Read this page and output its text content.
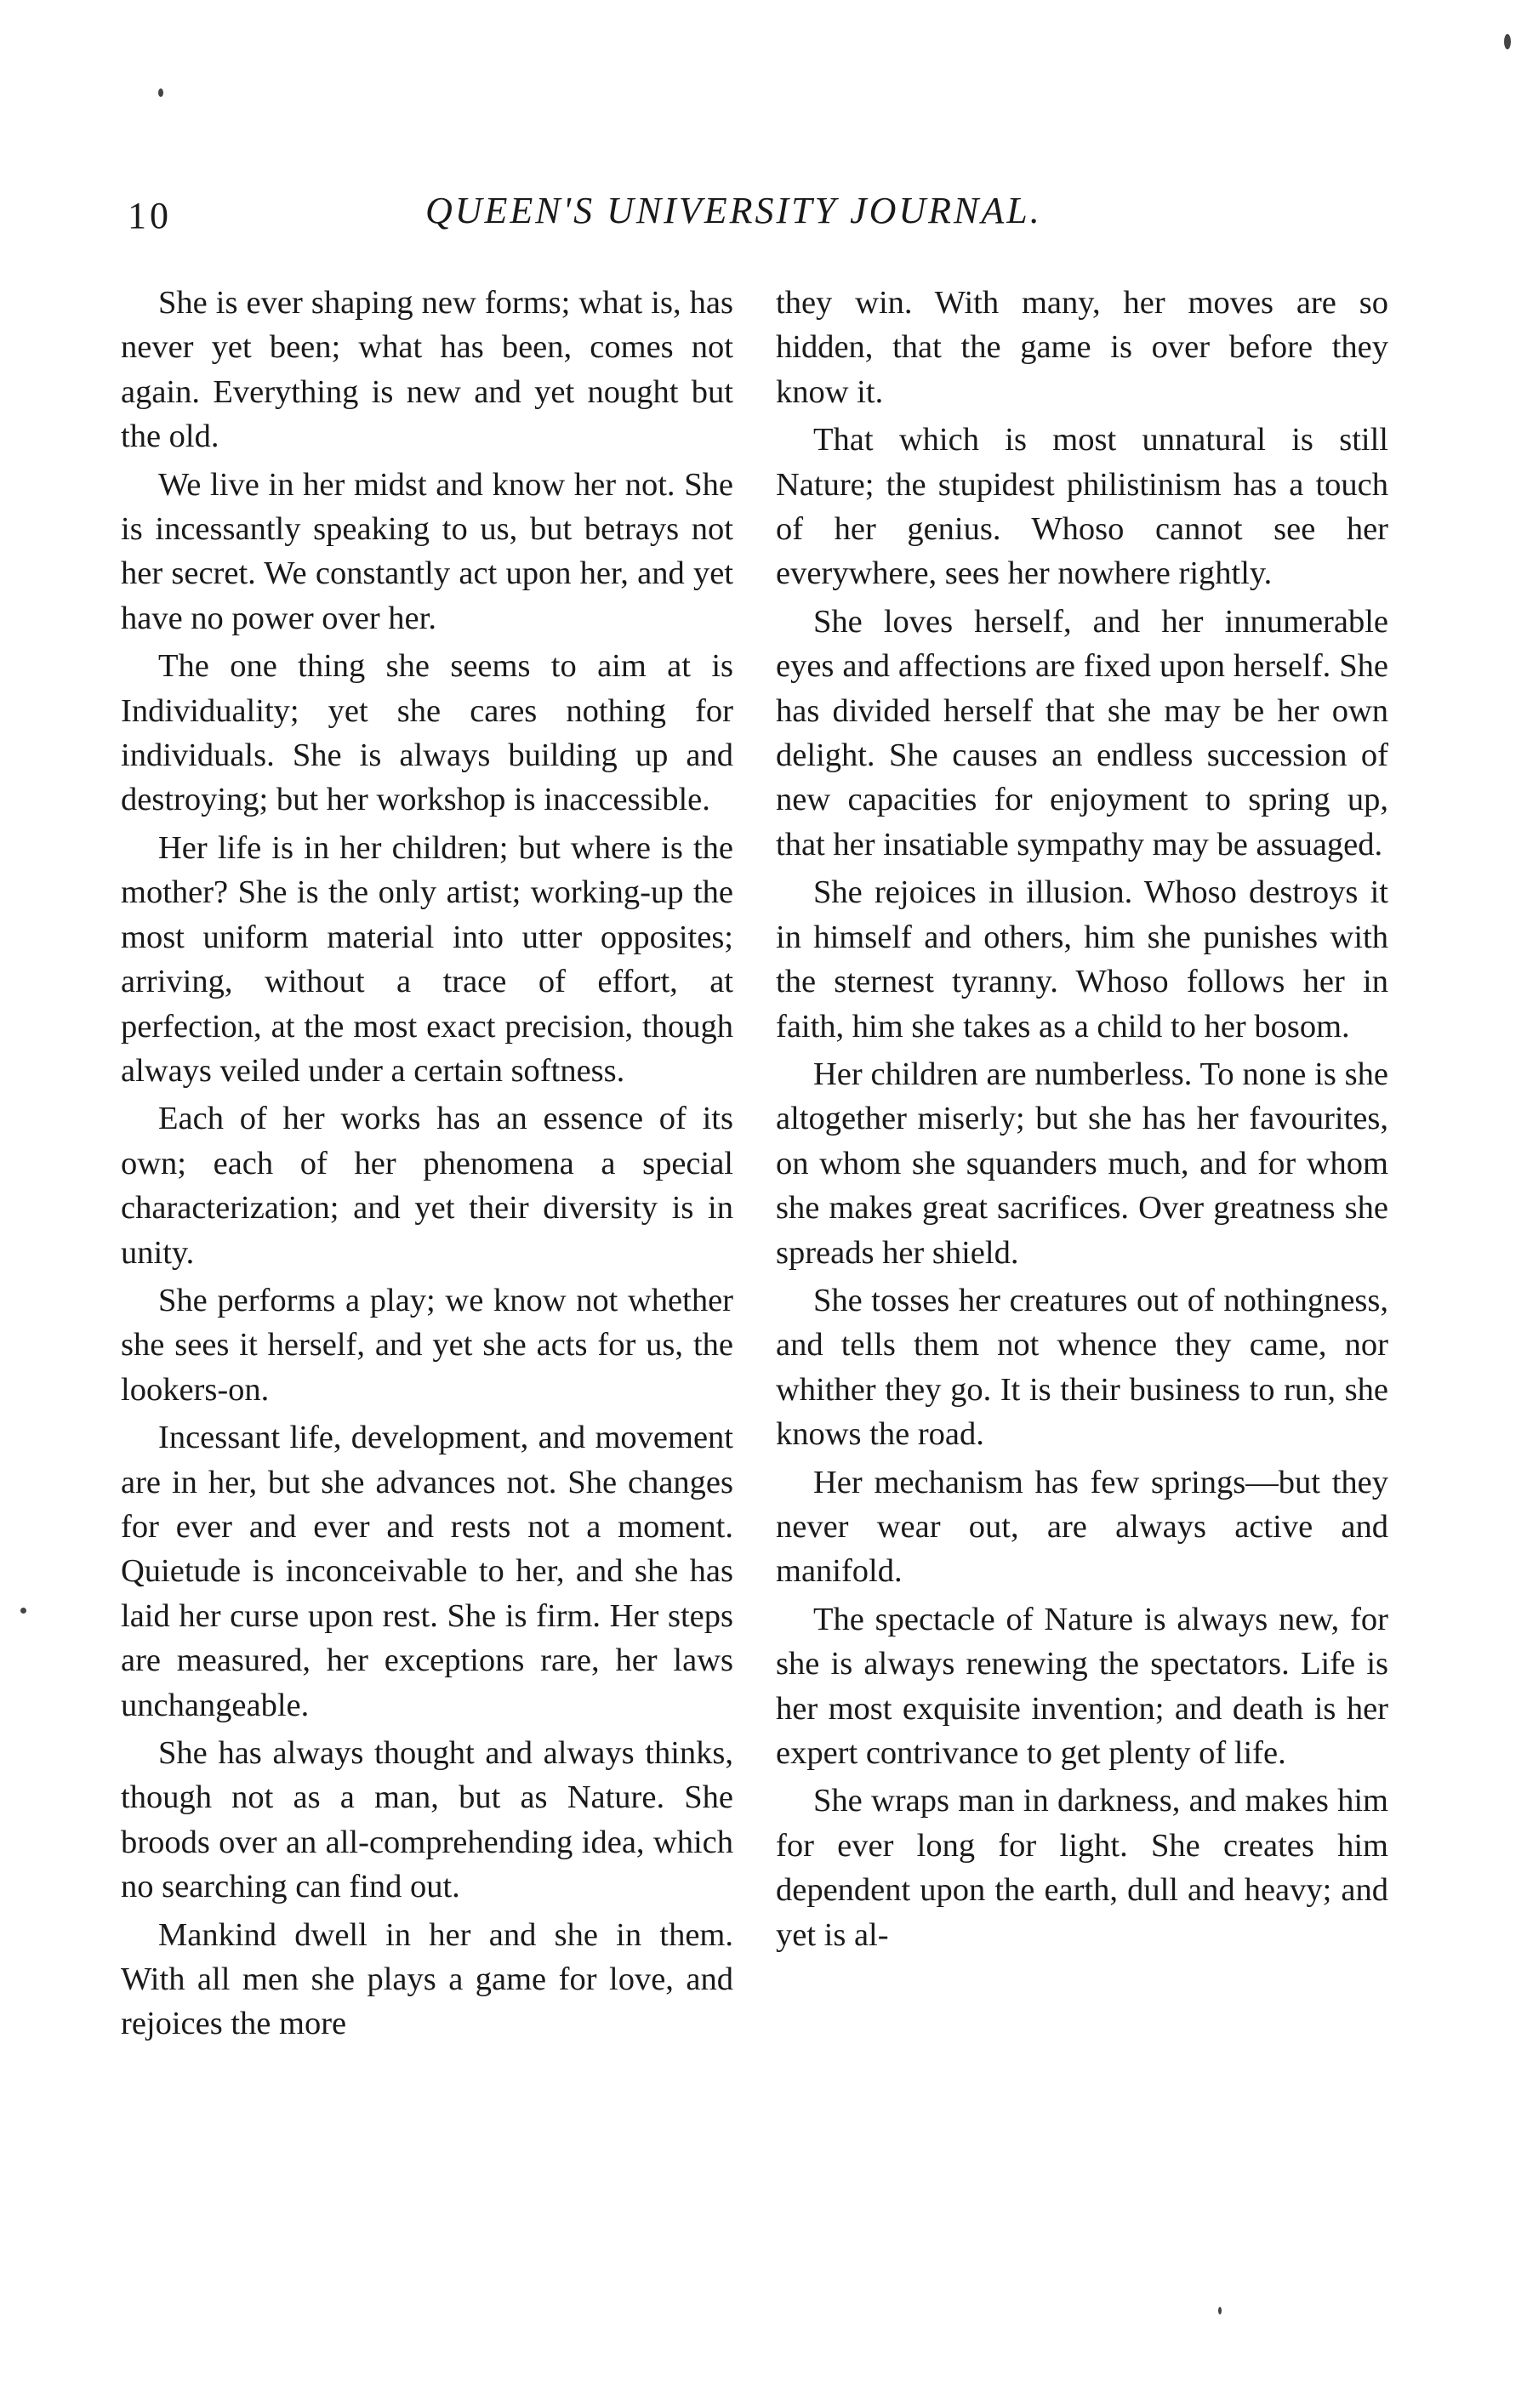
10	QUEEN'S UNIVERSITY JOURNAL.

She is ever shaping new forms; what is, has never yet been; what has been, comes not again. Everything is new and yet nought but the old.

We live in her midst and know her not. She is incessantly speaking to us, but betrays not her secret. We constantly act upon her, and yet have no power over her.

The one thing she seems to aim at is Individuality; yet she cares nothing for individuals. She is always building up and destroying; but her workshop is inaccessible.

Her life is in her children; but where is the mother? She is the only artist; working-up the most uniform material into utter opposites; arriving, without a trace of effort, at perfection, at the most exact precision, though always veiled under a certain softness.

Each of her works has an essence of its own; each of her phenomena a special characterization; and yet their diversity is in unity.

She performs a play; we know not whether she sees it herself, and yet she acts for us, the lookers-on.

Incessant life, development, and movement are in her, but she advances not. She changes for ever and ever and rests not a moment. Quietude is inconceivable to her, and she has laid her curse upon rest. She is firm. Her steps are measured, her exceptions rare, her laws unchangeable.

She has always thought and always thinks, though not as a man, but as Nature. She broods over an all-comprehending idea, which no searching can find out.

Mankind dwell in her and she in them. With all men she plays a game for love, and rejoices the more

they win. With many, her moves are so hidden, that the game is over before they know it.

That which is most unnatural is still Nature; the stupidest philistinism has a touch of her genius. Whoso cannot see her everywhere, sees her nowhere rightly.

She loves herself, and her innumerable eyes and affections are fixed upon herself. She has divided herself that she may be her own delight. She causes an endless succession of new capacities for enjoyment to spring up, that her insatiable sympathy may be assuaged.

She rejoices in illusion. Whoso destroys it in himself and others, him she punishes with the sternest tyranny. Whoso follows her in faith, him she takes as a child to her bosom.

Her children are numberless. To none is she altogether miserly; but she has her favourites, on whom she squanders much, and for whom she makes great sacrifices. Over greatness she spreads her shield.

She tosses her creatures out of nothingness, and tells them not whence they came, nor whither they go. It is their business to run, she knows the road.

Her mechanism has few springs—but they never wear out, are always active and manifold.

The spectacle of Nature is always new, for she is always renewing the spectators. Life is her most exquisite invention; and death is her expert contrivance to get plenty of life.

She wraps man in darkness, and makes him for ever long for light. She creates him dependent upon the earth, dull and heavy; and yet is al-
